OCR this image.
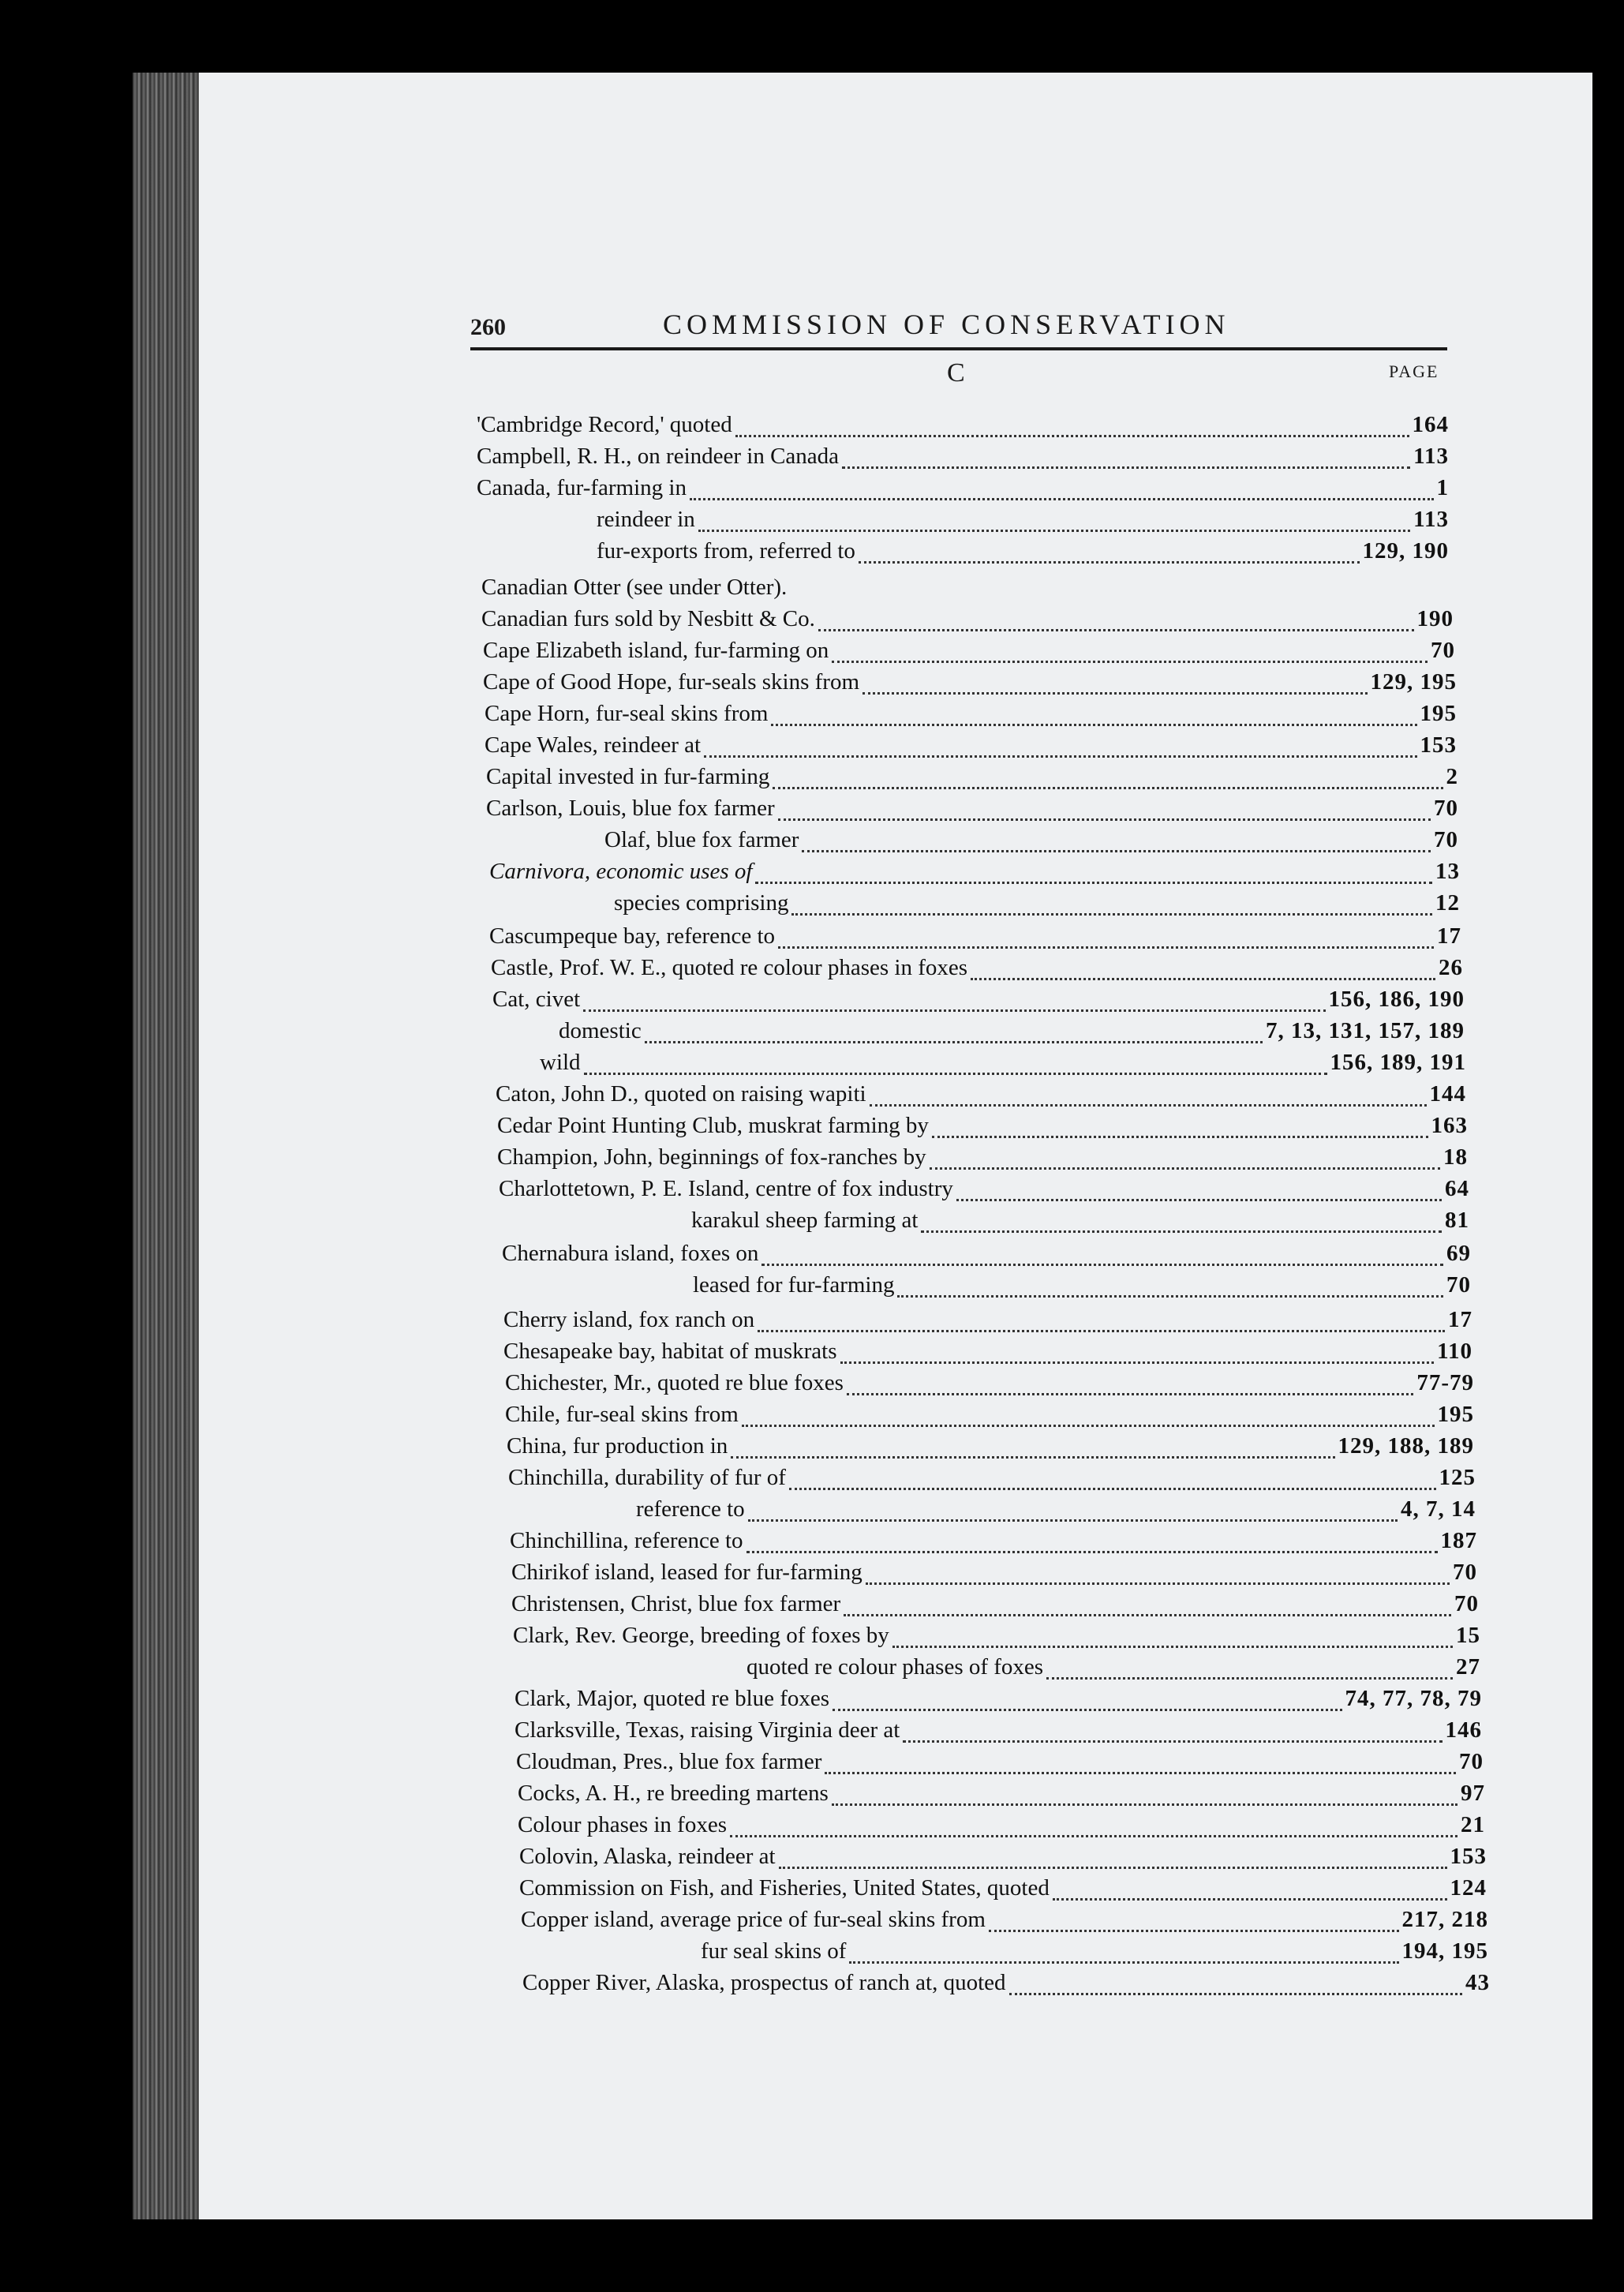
260	COMMISSION OF CONSERVATION
C	PAGE
'Cambridge Record,' quoted	164
Campbell, R. H., on reindeer in Canada	113
Canada, fur-farming in	1
reindeer in	113
fur-exports from, referred to	129, 190
Canadian Otter (see under Otter).
Canadian furs sold by Nesbitt & Co.	190
Cape Elizabeth island, fur-farming on	70
Cape of Good Hope, fur-seals skins from	129, 195
Cape Horn, fur-seal skins from	195
Cape Wales, reindeer at	153
Capital invested in fur-farming	2
Carlson, Louis, blue fox farmer	70
Olaf, blue fox farmer	70
Carnivora, economic uses of	13
species comprising	12
Cascumpeque bay, reference to	17
Castle, Prof. W. E., quoted re colour phases in foxes	26
Cat, civet	156, 186, 190
domestic	7, 13, 131, 157, 189
wild	156, 189, 191
Caton, John D., quoted on raising wapiti	144
Cedar Point Hunting Club, muskrat farming by	163
Champion, John, beginnings of fox-ranches by	18
Charlottetown, P. E. Island, centre of fox industry	64
karakul sheep farming at	81
Chernabura island, foxes on	69
leased for fur-farming	70
Cherry island, fox ranch on	17
Chesapeake bay, habitat of muskrats	110
Chichester, Mr., quoted re blue foxes	77-79
Chile, fur-seal skins from	195
China, fur production in	129, 188, 189
Chinchilla, durability of fur of	125
reference to	4, 7, 14
Chinchillina, reference to	187
Chirikof island, leased for fur-farming	70
Christensen, Christ, blue fox farmer	70
Clark, Rev. George, breeding of foxes by	15
quoted re colour phases of foxes	27
Clark, Major, quoted re blue foxes	74, 77, 78, 79
Clarksville, Texas, raising Virginia deer at	146
Cloudman, Pres., blue fox farmer	70
Cocks, A. H., re breeding martens	97
Colour phases in foxes	21
Colovin, Alaska, reindeer at	153
Commission on Fish, and Fisheries, United States, quoted	124
Copper island, average price of fur-seal skins from	217, 218
fur seal skins of	194, 195
Copper River, Alaska, prospectus of ranch at, quoted	43
